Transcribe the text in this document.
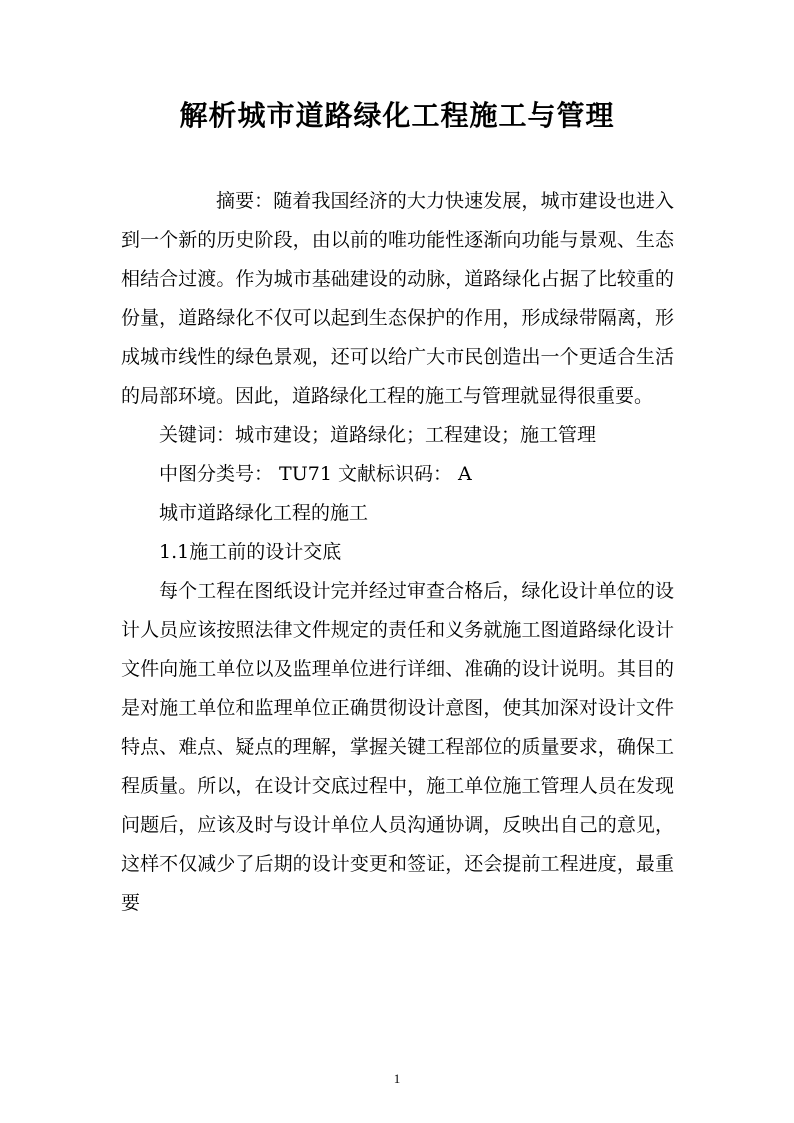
解析城市道路绿化工程施工与管理

摘要：随着我国经济的大力快速发展，城市建设也进入到一个新的历史阶段，由以前的唯功能性逐渐向功能与景观、生态相结合过渡。作为城市基础建设的动脉，道路绿化占据了比较重的份量，道路绿化不仅可以起到生态保护的作用，形成绿带隔离，形成城市线性的绿色景观，还可以给广大市民创造出一个更适合生活的局部环境。因此，道路绿化工程的施工与管理就显得很重要。

关键词：城市建设；道路绿化；工程建设；施工管理

中图分类号： TU71 文献标识码： A

城市道路绿化工程的施工

1.1施工前的设计交底

每个工程在图纸设计完并经过审查合格后，绿化设计单位的设计人员应该按照法律文件规定的责任和义务就施工图道路绿化设计文件向施工单位以及监理单位进行详细、准确的设计说明。其目的是对施工单位和监理单位正确贯彻设计意图，使其加深对设计文件特点、难点、疑点的理解，掌握关键工程部位的质量要求，确保工程质量。所以，在设计交底过程中，施工单位施工管理人员在发现问题后，应该及时与设计单位人员沟通协调，反映出自己的意见，这样不仅减少了后期的设计变更和签证，还会提前工程进度，最重要

1
